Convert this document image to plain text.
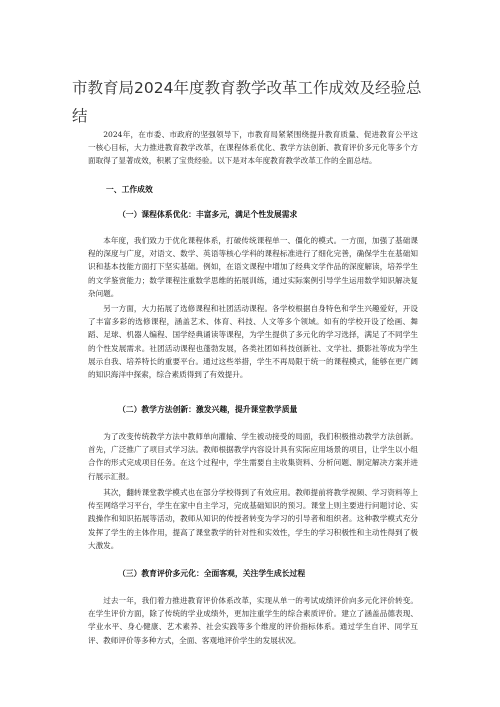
市教育局2024年度教育教学改革工作成效及经验总结

2024年，在市委、市政府的坚强领导下，市教育局紧紧围绕提升教育质量、促进教育公平这一核心目标，大力推进教育教学改革，在课程体系优化、教学方法创新、教育评价多元化等多个方面取得了显著成效，积累了宝贵经验。以下是对本年度教育教学改革工作的全面总结。

一、工作成效
（一）课程体系优化：丰富多元，满足个性发展需求

本年度，我们致力于优化课程体系，打破传统课程单一、僵化的模式。一方面，加强了基础课程的深度与广度，对语文、数学、英语等核心学科的课程标准进行了细化完善，确保学生在基础知识和基本技能方面打下坚实基础。例如，在语文课程中增加了经典文学作品的深度解读，培养学生的文学鉴赏能力；数学课程注重数学思维的拓展训练，通过实际案例引导学生运用数学知识解决复杂问题。

另一方面，大力拓展了选修课程和社团活动课程。各学校根据自身特色和学生兴趣爱好，开设了丰富多彩的选修课程，涵盖艺术、体育、科技、人文等多个领域。如有的学校开设了绘画、舞蹈、足球、机器人编程、国学经典诵读等课程，为学生提供了多元化的学习选择，满足了不同学生的个性发展需求。社团活动课程也蓬勃发展，各类社团如科技创新社、文学社、摄影社等成为学生展示自我、培养特长的重要平台。通过这些举措，学生不再局限于统一的课程模式，能够在更广阔的知识海洋中探索，综合素质得到了有效提升。

（二）教学方法创新：激发兴趣，提升课堂教学质量

为了改变传统教学方法中教师单向灌输、学生被动接受的局面，我们积极推动教学方法创新。首先，广泛推广了项目式学习法。教师根据教学内容设计具有实际应用场景的项目，让学生以小组合作的形式完成项目任务。在这个过程中，学生需要自主收集资料、分析问题、制定解决方案并进行展示汇报。

其次，翻转课堂教学模式也在部分学校得到了有效应用。教师提前将教学视频、学习资料等上传至网络学习平台，学生在家中自主学习，完成基础知识的预习。课堂上则主要进行问题讨论、实践操作和知识拓展等活动，教师从知识的传授者转变为学习的引导者和组织者。这种教学模式充分发挥了学生的主体作用，提高了课堂教学的针对性和实效性，学生的学习积极性和主动性得到了极大激发。

（三）教育评价多元化：全面客观，关注学生成长过程

过去一年，我们着力推进教育评价体系改革，实现从单一的考试成绩评价向多元化评价转变。在学生评价方面，除了传统的学业成绩外，更加注重学生的综合素质评价。建立了涵盖品德表现、学业水平、身心健康、艺术素养、社会实践等多个维度的评价指标体系。通过学生自评、同学互评、教师评价等多种方式，全面、客观地评价学生的发展状况。
